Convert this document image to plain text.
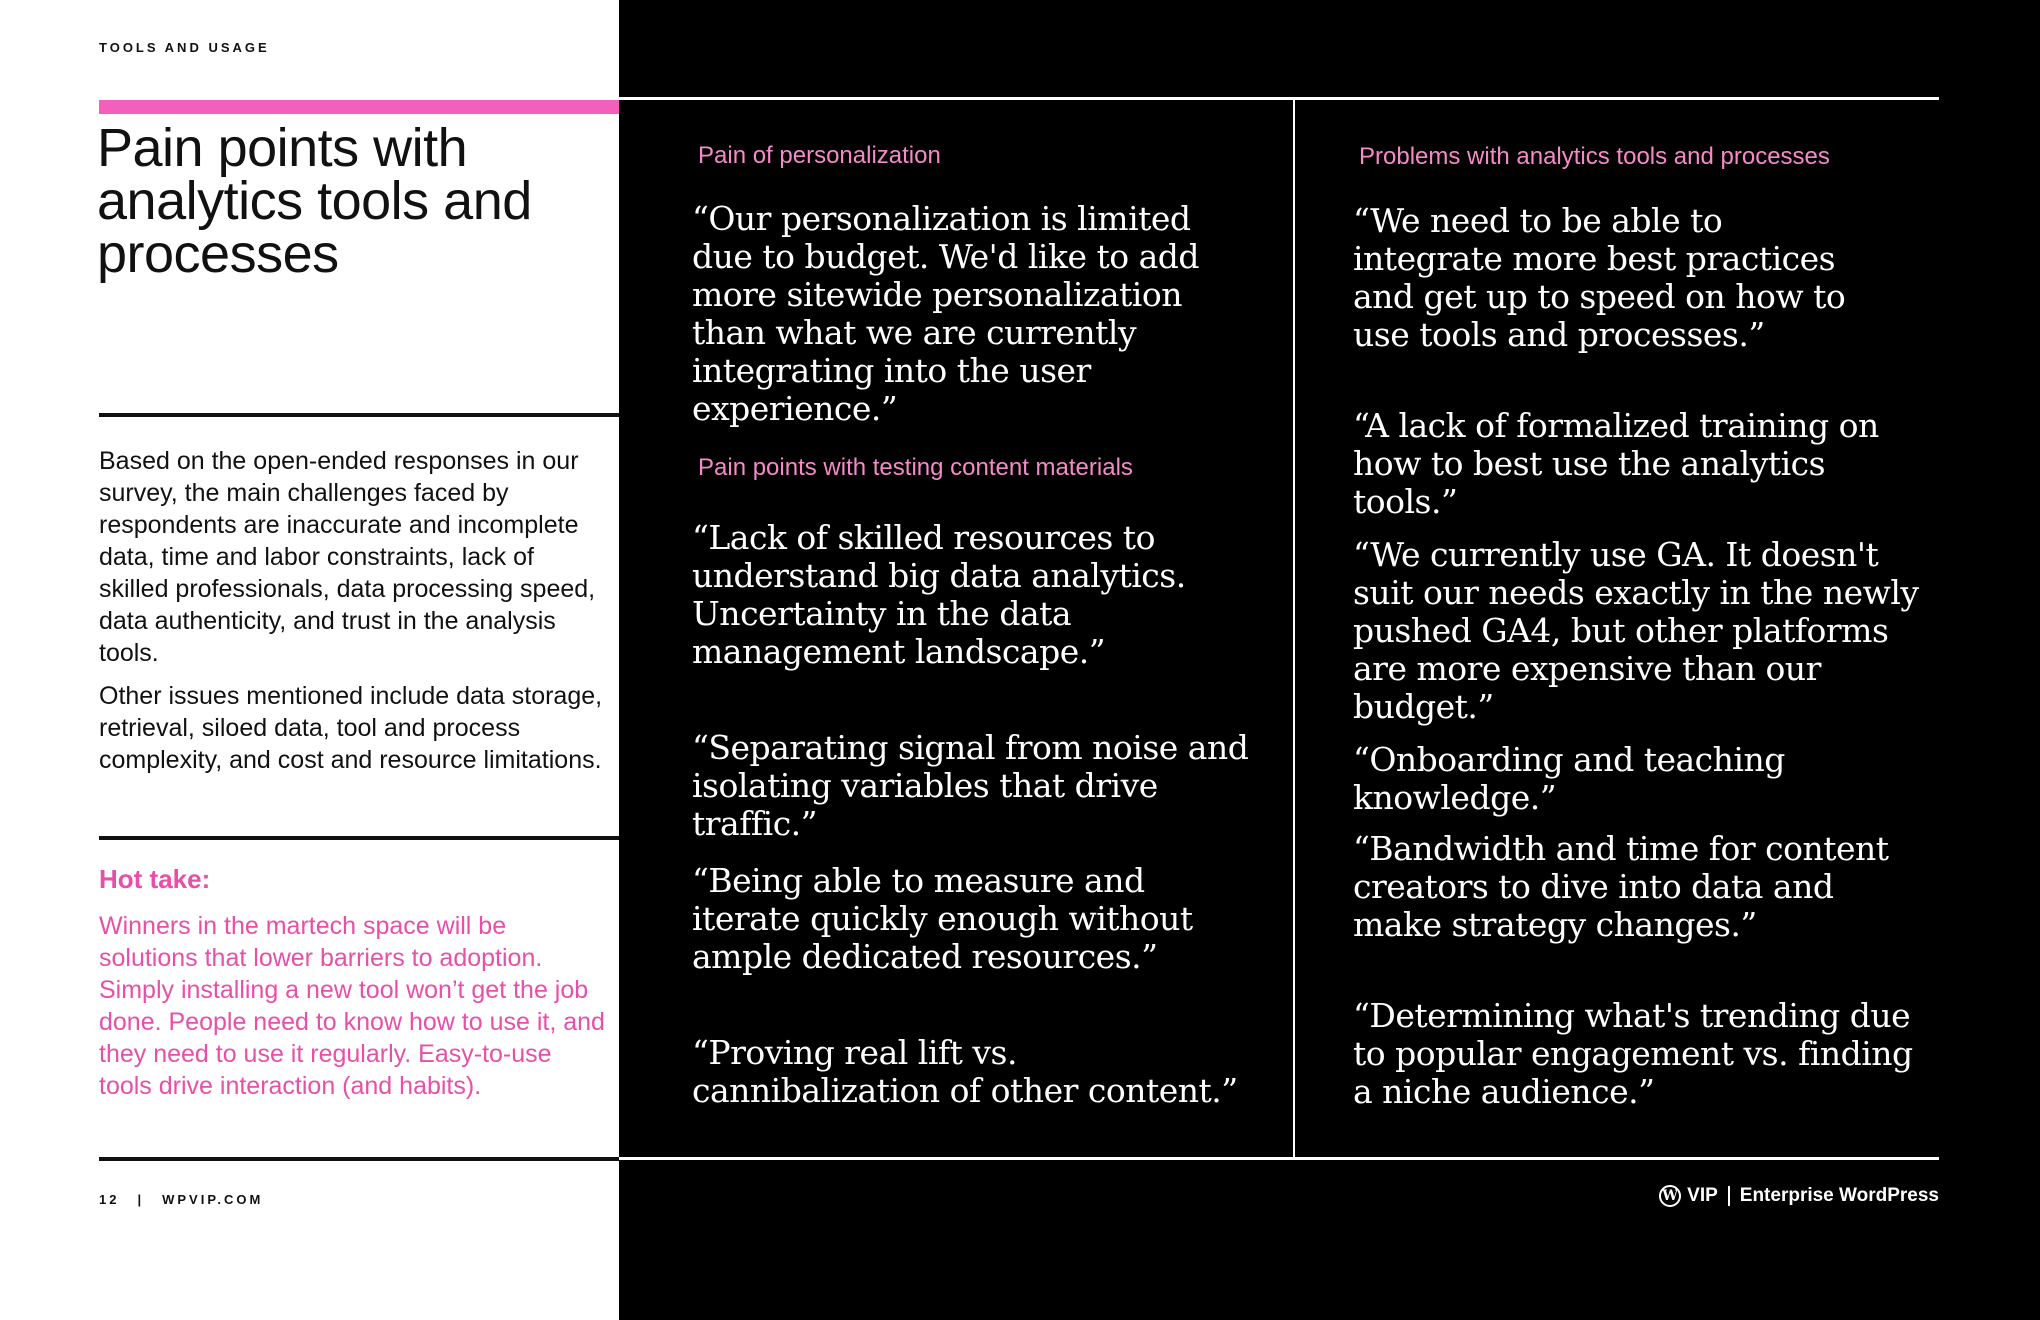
TOOLS AND USAGE
Pain points with analytics tools and processes

Based on the open-ended responses in our survey, the main challenges faced by respondents are inaccurate and incomplete data, time and labor constraints, lack of skilled professionals, data processing speed, data authenticity, and trust in the analysis tools.

Other issues mentioned include data storage, retrieval, siloed data, tool and process complexity, and cost and resource limitations.

Hot take:

Winners in the martech space will be solutions that lower barriers to adoption. Simply installing a new tool won’t get the job done. People need to know how to use it, and they need to use it regularly. Easy-to-use tools drive interaction (and habits).

12 | WPVIP.COM

Pain of personalization

“Our personalization is limited due to budget. We'd like to add more sitewide personalization than what we are currently integrating into the user experience.”

Pain points with testing content materials

“Lack of skilled resources to understand big data analytics. Uncertainty in the data management landscape.”

“Separating signal from noise and isolating variables that drive traffic.”

“Being able to measure and iterate quickly enough without ample dedicated resources.”

“Proving real lift vs. cannibalization of other content.”

Problems with analytics tools and processes

“We need to be able to integrate more best practices and get up to speed on how to use tools and processes.”

“A lack of formalized training on how to best use the analytics tools.”

“We currently use GA. It doesn't suit our needs exactly in the newly pushed GA4, but other platforms are more expensive than our budget.”

“Onboarding and teaching knowledge.”

“Bandwidth and time for content creators to dive into data and make strategy changes.”

“Determining what's trending due to popular engagement vs. finding a niche audience.”

W VIP Enterprise WordPress
